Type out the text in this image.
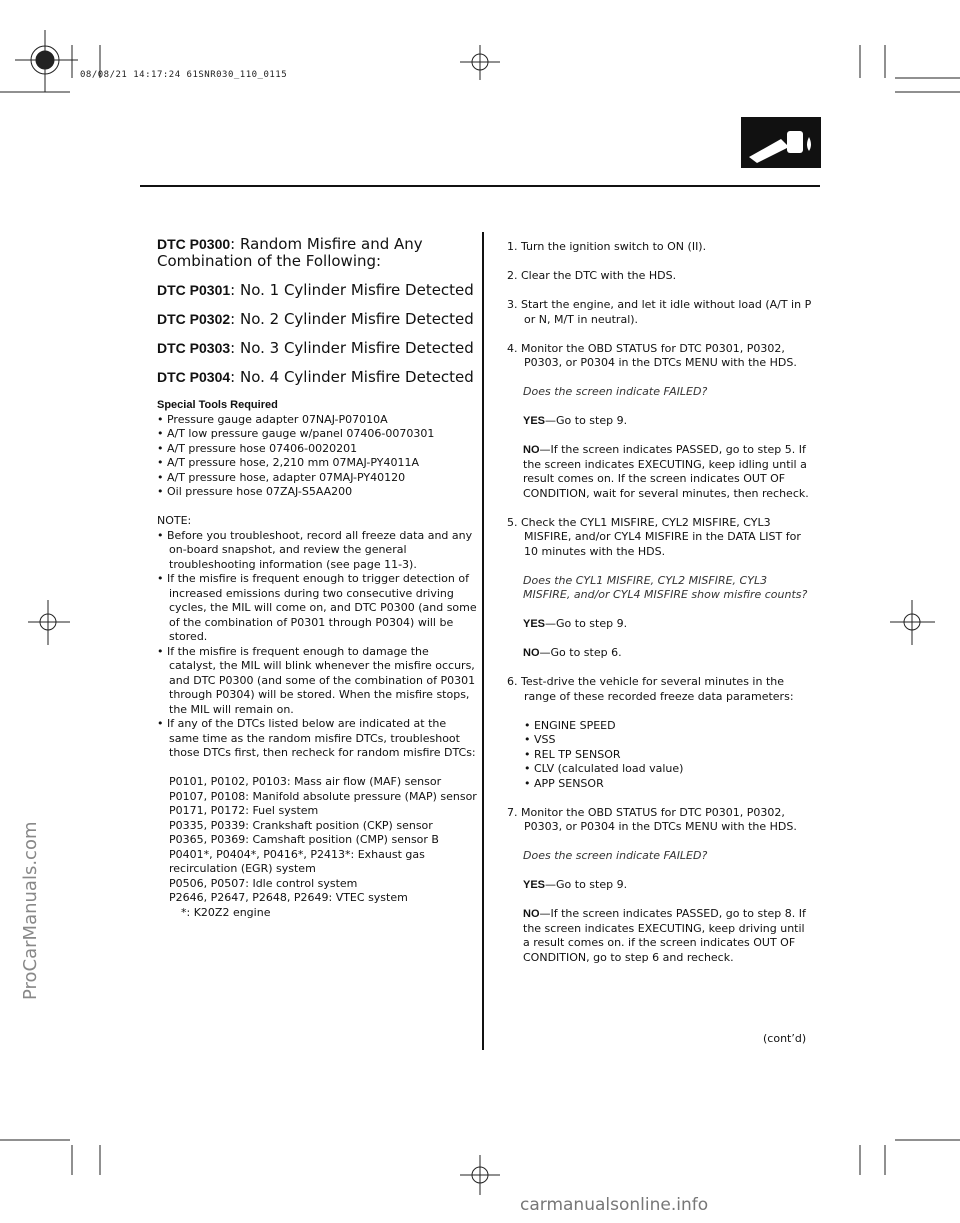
08/08/21 14:17:24 61SNR030_110_0115
ProCarManuals.com
carmanualsonline.info
DTC P0300: Random Misfire and Any
Combination of the Following:
DTC P0301: No. 1 Cylinder Misfire Detected
DTC P0302: No. 2 Cylinder Misfire Detected
DTC P0303: No. 3 Cylinder Misfire Detected
DTC P0304: No. 4 Cylinder Misfire Detected

Special Tools Required

• Pressure gauge adapter 07NAJ-P07010A

• A/T low pressure gauge w/panel 07406-0070301

• A/T pressure hose 07406-0020201

• A/T pressure hose, 2,210 mm 07MAJ-PY4011A

• A/T pressure hose, adapter 07MAJ-PY40120

• Oil pressure hose 07ZAJ-S5AA200

NOTE:

• Before you troubleshoot, record all freeze data and any on-board snapshot, and review the general troubleshooting information (see page 11-3).

• If the misfire is frequent enough to trigger detection of increased emissions during two consecutive driving cycles, the MIL will come on, and DTC P0300 (and some of the combination of P0301 through P0304) will be stored.

• If the misfire is frequent enough to damage the catalyst, the MIL will blink whenever the misfire occurs, and DTC P0300 (and some of the combination of P0301 through P0304) will be stored. When the misfire stops, the MIL will remain on.

• If any of the DTCs listed below are indicated at the same time as the random misfire DTCs, troubleshoot those DTCs first, then recheck for random misfire DTCs:

P0101, P0102, P0103: Mass air flow (MAF) sensor

P0107, P0108: Manifold absolute pressure (MAP) sensor

P0171, P0172: Fuel system

P0335, P0339: Crankshaft position (CKP) sensor

P0365, P0369: Camshaft position (CMP) sensor B

P0401*, P0404*, P0416*, P2413*: Exhaust gas recirculation (EGR) system

P0506, P0507: Idle control system

P2646, P2647, P2648, P2649: VTEC system

*: K20Z2 engine

1. Turn the ignition switch to ON (II).

2. Clear the DTC with the HDS.

3. Start the engine, and let it idle without load (A/T in P or N, M/T in neutral).

4. Monitor the OBD STATUS for DTC P0301, P0302, P0303, or P0304 in the DTCs MENU with the HDS.

Does the screen indicate FAILED?

YES—Go to step 9.

NO—If the screen indicates PASSED, go to step 5. If the screen indicates EXECUTING, keep idling until a result comes on. If the screen indicates OUT OF CONDITION, wait for several minutes, then recheck.

5. Check the CYL1 MISFIRE, CYL2 MISFIRE, CYL3 MISFIRE, and/or CYL4 MISFIRE in the DATA LIST for 10 minutes with the HDS.

Does the CYL1 MISFIRE, CYL2 MISFIRE, CYL3 MISFIRE, and/or CYL4 MISFIRE show misfire counts?

YES—Go to step 9.

NO—Go to step 6.

6. Test-drive the vehicle for several minutes in the range of these recorded freeze data parameters:

• ENGINE SPEED

• VSS

• REL TP SENSOR

• CLV (calculated load value)

• APP SENSOR

7. Monitor the OBD STATUS for DTC P0301, P0302, P0303, or P0304 in the DTCs MENU with the HDS.

Does the screen indicate FAILED?

YES—Go to step 9.

NO—If the screen indicates PASSED, go to step 8. If the screen indicates EXECUTING, keep driving until a result comes on. if the screen indicates OUT OF CONDITION, go to step 6 and recheck.

(cont’d)
